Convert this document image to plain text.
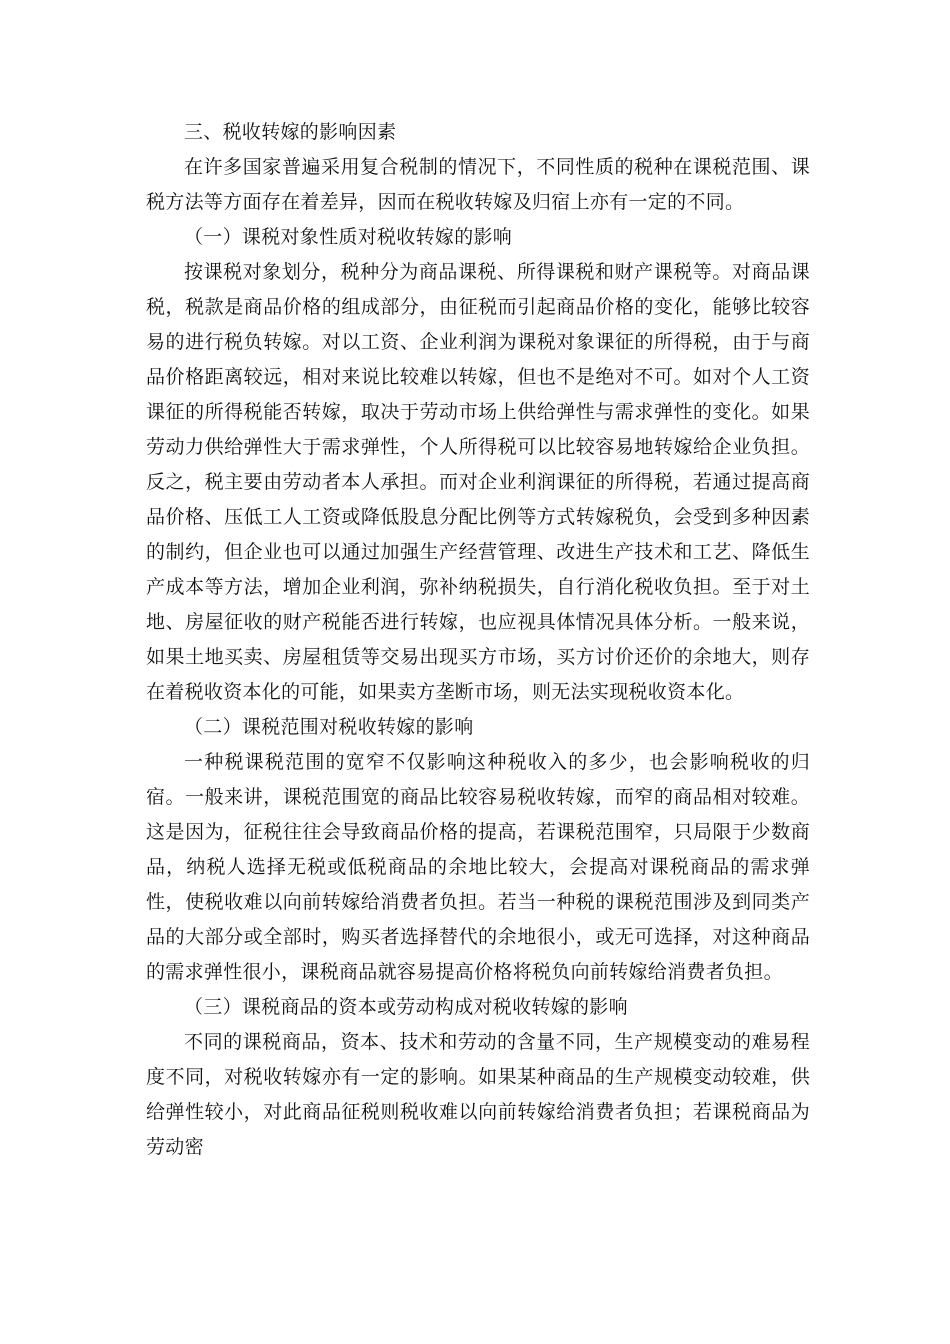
三、税收转嫁的影响因素

在许多国家普遍采用复合税制的情况下，不同性质的税种在课税范围、课税方法等方面存在着差异，因而在税收转嫁及归宿上亦有一定的不同。

（一）课税对象性质对税收转嫁的影响

按课税对象划分，税种分为商品课税、所得课税和财产课税等。对商品课税，税款是商品价格的组成部分，由征税而引起商品价格的变化，能够比较容易的进行税负转嫁。对以工资、企业利润为课税对象课征的所得税，由于与商品价格距离较远，相对来说比较难以转嫁，但也不是绝对不可。如对个人工资课征的所得税能否转嫁，取决于劳动市场上供给弹性与需求弹性的变化。如果劳动力供给弹性大于需求弹性，个人所得税可以比较容易地转嫁给企业负担。反之，税主要由劳动者本人承担。而对企业利润课征的所得税，若通过提高商品价格、压低工人工资或降低股息分配比例等方式转嫁税负，会受到多种因素的制约，但企业也可以通过加强生产经营管理、改进生产技术和工艺、降低生产成本等方法，增加企业利润，弥补纳税损失，自行消化税收负担。至于对土地、房屋征收的财产税能否进行转嫁，也应视具体情况具体分析。一般来说，如果土地买卖、房屋租赁等交易出现买方市场，买方讨价还价的余地大，则存在着税收资本化的可能，如果卖方垄断市场，则无法实现税收资本化。

（二）课税范围对税收转嫁的影响

一种税课税范围的宽窄不仅影响这种税收入的多少，也会影响税收的归宿。一般来讲，课税范围宽的商品比较容易税收转嫁，而窄的商品相对较难。这是因为，征税往往会导致商品价格的提高，若课税范围窄，只局限于少数商品，纳税人选择无税或低税商品的余地比较大，会提高对课税商品的需求弹性，使税收难以向前转嫁给消费者负担。若当一种税的课税范围涉及到同类产品的大部分或全部时，购买者选择替代的余地很小，或无可选择，对这种商品的需求弹性很小，课税商品就容易提高价格将税负向前转嫁给消费者负担。

（三）课税商品的资本或劳动构成对税收转嫁的影响

不同的课税商品，资本、技术和劳动的含量不同，生产规模变动的难易程度不同，对税收转嫁亦有一定的影响。如果某种商品的生产规模变动较难，供给弹性较小，对此商品征税则税收难以向前转嫁给消费者负担；若课税商品为劳动密
